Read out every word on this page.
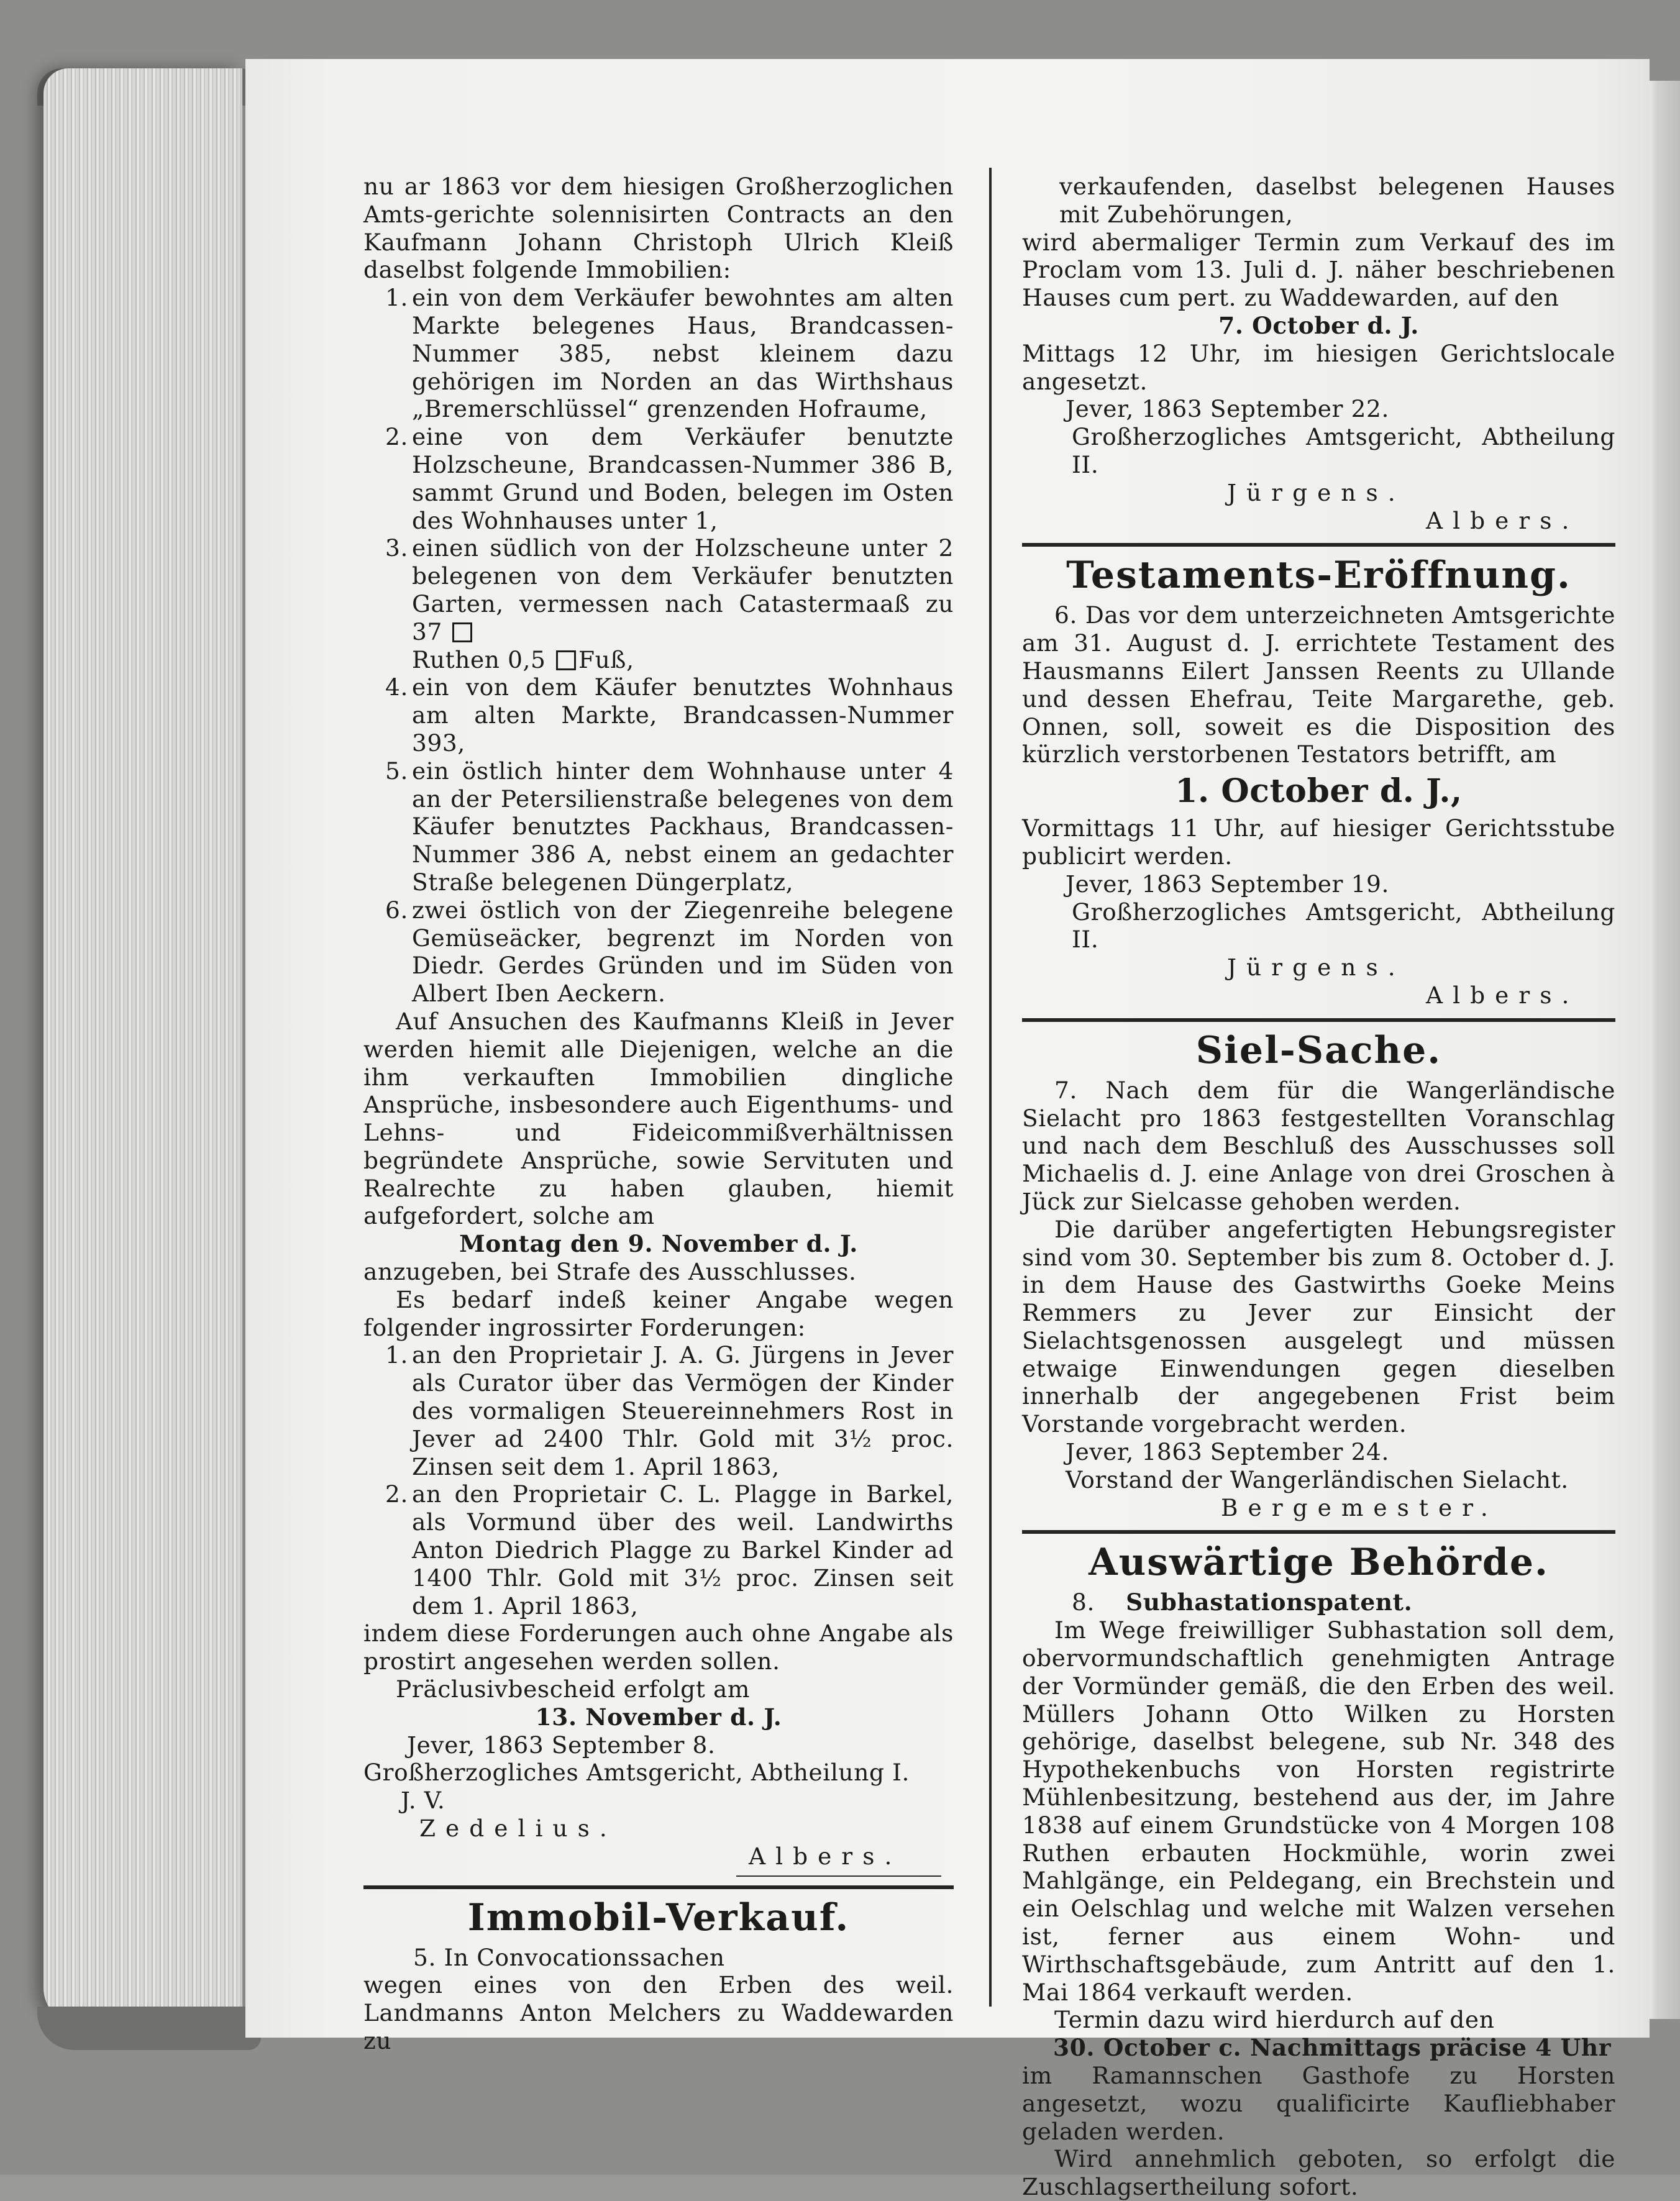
nu ar 1863 vor dem hiesigen Großherzoglichen Amts-gerichte solennisirten Contracts an den Kaufmann Johann Christoph Ulrich Kleiß daselbst folgende Immobilien:

1. ein von dem Verkäufer bewohntes am alten Markte belegenes Haus, Brandcassen-Nummer 385, nebst kleinem dazu gehörigen im Norden an das Wirthshaus „Bremerschlüssel“ grenzenden Hofraume,

2. eine von dem Verkäufer benutzte Holzscheune, Brandcassen-Nummer 386 B, sammt Grund und Boden, belegen im Osten des Wohnhauses unter 1,

3. einen südlich von der Holzscheune unter 2 belegenen von dem Verkäufer benutzten Garten, vermessen nach Catastermaaß zu 37
Ruthen 0,5 Fuß,

4. ein von dem Käufer benutztes Wohnhaus am alten Markte, Brandcassen-Nummer 393,

5. ein östlich hinter dem Wohnhause unter 4 an der Petersilienstraße belegenes von dem Käufer benutztes Packhaus, Brandcassen-Nummer 386 A, nebst einem an gedachter Straße belegenen Düngerplatz,

6. zwei östlich von der Ziegenreihe belegene Gemüseäcker, begrenzt im Norden von Diedr. Gerdes Gründen und im Süden von Albert Iben Aeckern.

Auf Ansuchen des Kaufmanns Kleiß in Jever werden hiemit alle Diejenigen, welche an die ihm verkauften Immobilien dingliche Ansprüche, insbesondere auch Eigenthums- und Lehns- und Fideicommißverhältnissen begründete Ansprüche, sowie Servituten und Realrechte zu haben glauben, hiemit aufgefordert, solche am

Montag den 9. November d. J.

anzugeben, bei Strafe des Ausschlusses.

Es bedarf indeß keiner Angabe wegen folgender ingrossirter Forderungen:

1. an den Proprietair J. A. G. Jürgens in Jever als Curator über das Vermögen der Kinder des vormaligen Steuereinnehmers Rost in Jever ad 2400 Thlr. Gold mit 3½ proc. Zinsen seit dem 1. April 1863,

2. an den Proprietair C. L. Plagge in Barkel, als Vormund über des weil. Landwirths Anton Diedrich Plagge zu Barkel Kinder ad 1400 Thlr. Gold mit 3½ proc. Zinsen seit dem 1. April 1863,

indem diese Forderungen auch ohne Angabe als prostirt angesehen werden sollen.

Präclusivbescheid erfolgt am

13. November d. J.

Jever, 1863 September 8.

Großherzogliches Amtsgericht, Abtheilung I.

J. V.

Zedelius.

Albers.

Immobil-Verkauf.

5. In Convocationssachen

wegen eines von den Erben des weil. Landmanns Anton Melchers zu Waddewarden zu

verkaufenden, daselbst belegenen Hauses mit Zubehörungen,

wird abermaliger Termin zum Verkauf des im Proclam vom 13. Juli d. J. näher beschriebenen Hauses cum pert. zu Waddewarden, auf den

7. October d. J.

Mittags 12 Uhr, im hiesigen Gerichtslocale angesetzt.

Jever, 1863 September 22.

Großherzogliches Amtsgericht, Abtheilung II.

Jürgens.

Albers.

Testaments-Eröffnung.

6. Das vor dem unterzeichneten Amtsgerichte am 31. August d. J. errichtete Testament des Hausmanns Eilert Janssen Reents zu Ullande und dessen Ehefrau, Teite Margarethe, geb. Onnen, soll, soweit es die Disposition des kürzlich verstorbenen Testators betrifft, am

1. October d. J.,

Vormittags 11 Uhr, auf hiesiger Gerichtsstube publicirt werden.

Jever, 1863 September 19.

Großherzogliches Amtsgericht, Abtheilung II.

Jürgens.

Albers.

Siel-Sache.

7. Nach dem für die Wangerländische Sielacht pro 1863 festgestellten Voranschlag und nach dem Beschluß des Ausschusses soll Michaelis d. J. eine Anlage von drei Groschen à Jück zur Sielcasse gehoben werden.

Die darüber angefertigten Hebungsregister sind vom 30. September bis zum 8. October d. J. in dem Hause des Gastwirths Goeke Meins Remmers zu Jever zur Einsicht der Sielachtsgenossen ausgelegt und müssen etwaige Einwendungen gegen dieselben innerhalb der angegebenen Frist beim Vorstande vorgebracht werden.

Jever, 1863 September 24.

Vorstand der Wangerländischen Sielacht.

Bergemester.

Auswärtige Behörde.

8. Subhastationspatent.

Im Wege freiwilliger Subhastation soll dem, obervormundschaftlich genehmigten Antrage der Vormünder gemäß, die den Erben des weil. Müllers Johann Otto Wilken zu Horsten gehörige, daselbst belegene, sub Nr. 348 des Hypothekenbuchs von Horsten registrirte Mühlenbesitzung, bestehend aus der, im Jahre 1838 auf einem Grundstücke von 4 Morgen 108 Ruthen erbauten Hockmühle, worin zwei Mahlgänge, ein Peldegang, ein Brechstein und ein Oelschlag und welche mit Walzen versehen ist, ferner aus einem Wohn- und Wirthschaftsgebäude, zum Antritt auf den 1. Mai 1864 verkauft werden.

Termin dazu wird hierdurch auf den

30. October c. Nachmittags präcise 4 Uhr

im Ramannschen Gasthofe zu Horsten angesetzt, wozu qualificirte Kaufliebhaber geladen werden.

Wird annehmlich geboten, so erfolgt die Zuschlagsertheilung sofort.
